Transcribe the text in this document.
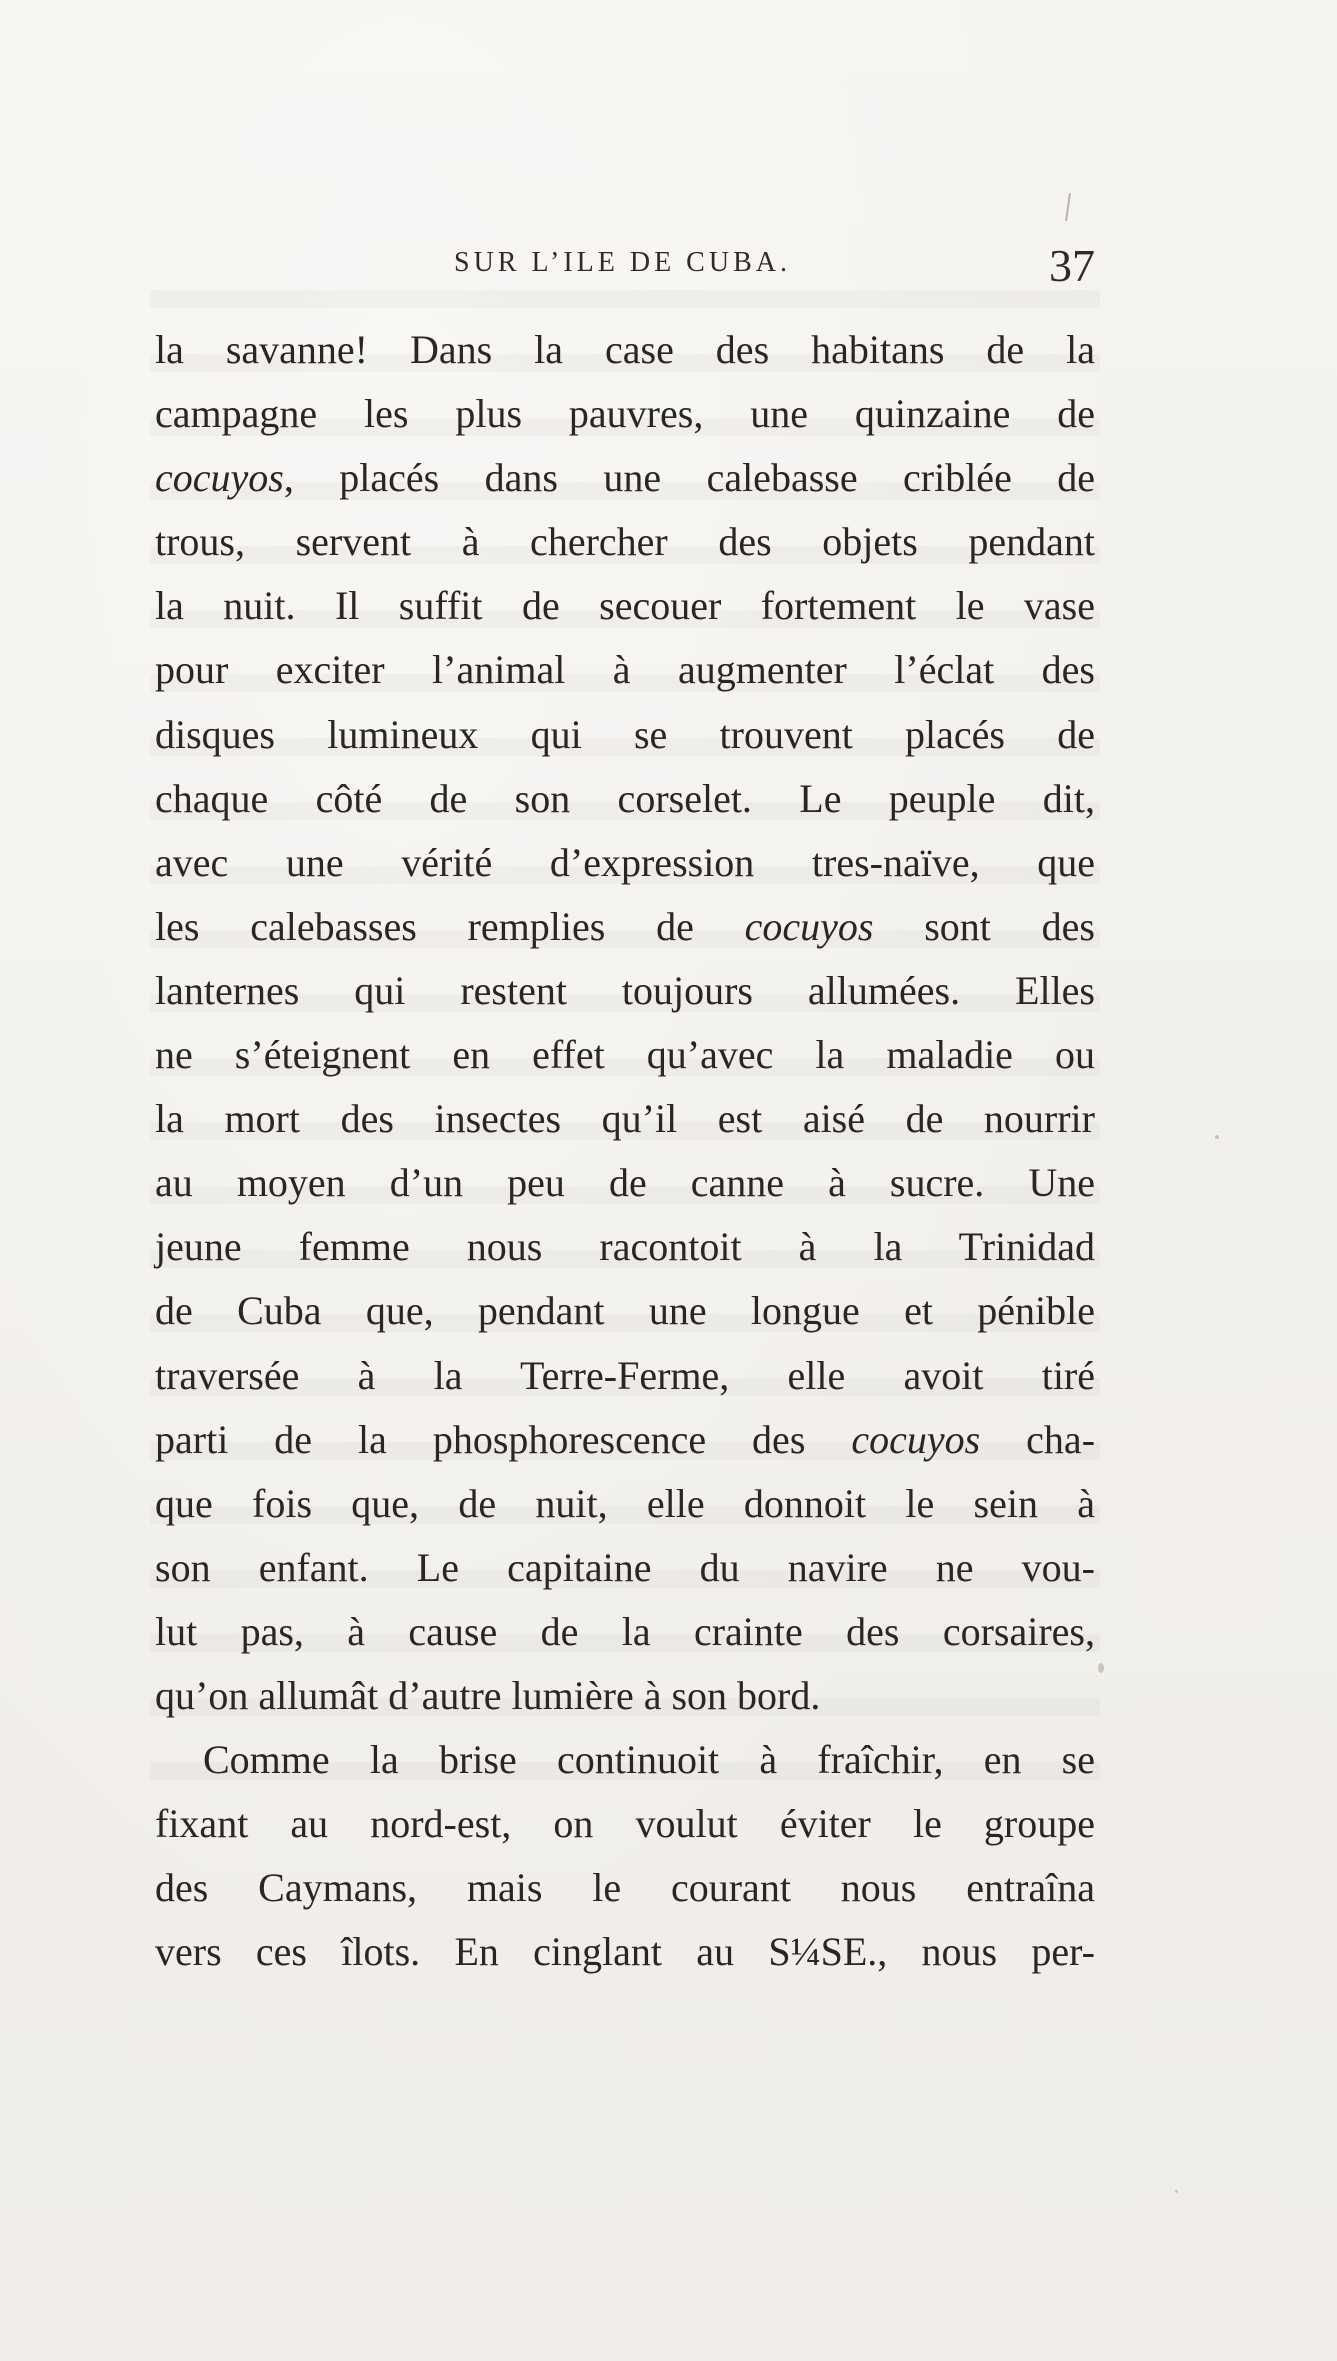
SUR L’ILE DE CUBA.	37
la savanne! Dans la case des habitans de la
campagne les plus pauvres, une quinzaine de
cocuyos, placés dans une calebasse criblée de
trous, servent à chercher des objets pendant
la nuit. Il suffit de secouer fortement le vase
pour exciter l’animal à augmenter l’éclat des
disques lumineux qui se trouvent placés de
chaque côté de son corselet. Le peuple dit,
avec une vérité d’expression tres-naïve, que
les calebasses remplies de cocuyos sont des
lanternes qui restent toujours allumées. Elles
ne s’éteignent en effet qu’avec la maladie ou
la mort des insectes qu’il est aisé de nourrir
au moyen d’un peu de canne à sucre. Une
jeune femme nous racontoit à la Trinidad
de Cuba que, pendant une longue et pénible
traversée à la Terre-Ferme, elle avoit tiré
parti de la phosphorescence des cocuyos cha-
que fois que, de nuit, elle donnoit le sein à
son enfant. Le capitaine du navire ne vou-
lut pas, à cause de la crainte des corsaires,
qu’on allumât d’autre lumière à son bord.
Comme la brise continuoit à fraîchir, en se
fixant au nord-est, on voulut éviter le groupe
des Caymans, mais le courant nous entraîna
vers ces îlots. En cinglant au S¼SE., nous per-
